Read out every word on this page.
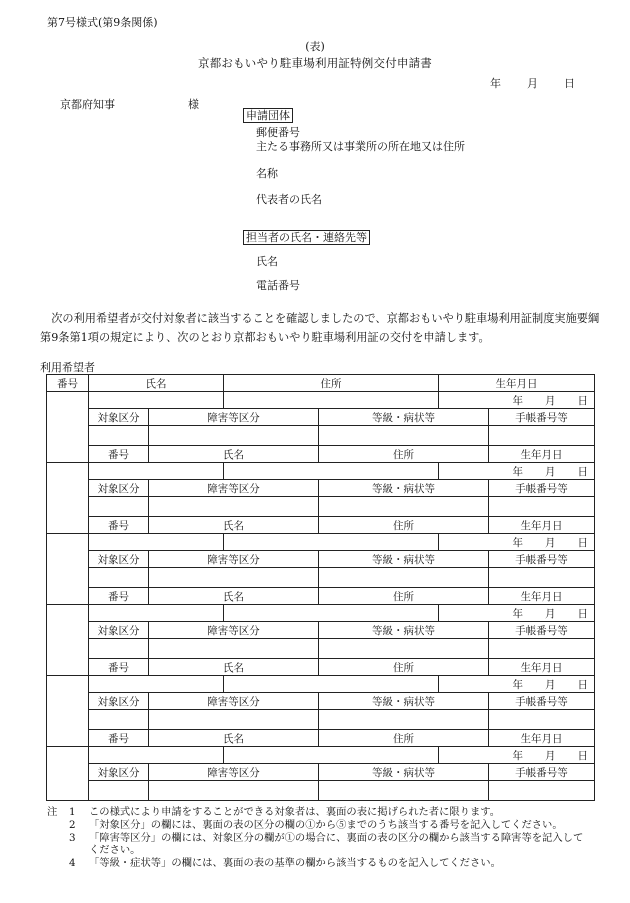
第7号様式(第9条関係)
(表)
京都おもいやり駐車場利用証特例交付申請書
年 月 日
京都府知事	様
申請団体
郵便番号
主たる事務所又は事業所の所在地又は住所
名称
代表者の氏名
担当者の氏名・連絡先等
氏名
電話番号
次の利用希望者が交付対象者に該当することを確認しましたので、京都おもいやり駐車場利用証制度実施要綱第9条第1項の規定により、次のとおり京都おもいやり駐車場利用証の交付を申請します。
利用希望者
番号	氏名		住所		生年月日	
					年 月 日	
	対象区分	障害等区分		等級・病状等		手帳番号等

	番号	氏名		住所		生年月日
					年 月 日	
	対象区分	障害等区分		等級・病状等		手帳番号等

	番号	氏名		住所		生年月日
					年 月 日	
	対象区分	障害等区分		等級・病状等		手帳番号等

	番号	氏名		住所		生年月日
					年 月 日	
	対象区分	障害等区分		等級・病状等		手帳番号等

	番号	氏名		住所		生年月日
					年 月 日	
	対象区分	障害等区分		等級・病状等		手帳番号等

	番号	氏名		住所		生年月日
					年 月 日	
	対象区分	障害等区分		等級・病状等		手帳番号等

注	1	この様式により申請をすることができる対象者は、裏面の表に掲げられた者に限ります。
2	「対象区分」の欄には、裏面の表の区分の欄の①から⑤までのうち該当する番号を記入してください。
3	「障害等区分」の欄には、対象区分の欄が①の場合に、裏面の表の区分の欄から該当する障害等を記入してください。
4	「等級・症状等」の欄には、裏面の表の基準の欄から該当するものを記入してください。
